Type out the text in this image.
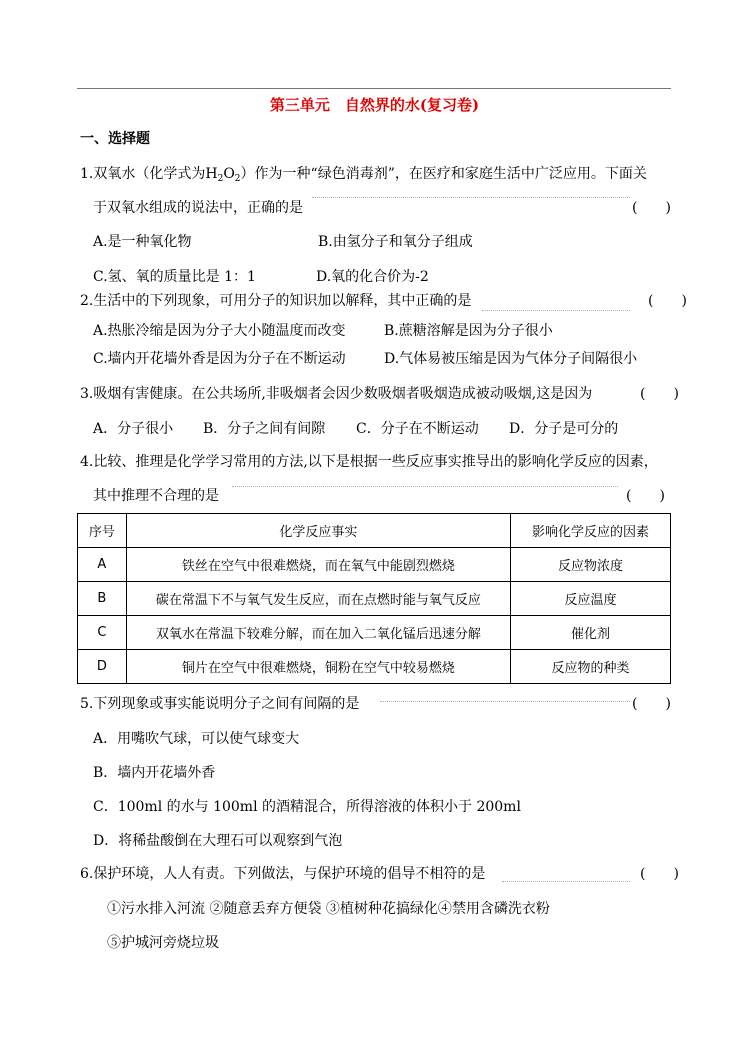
第三单元　自然界的水(复习卷)
一、选择题
1.双氧水（化学式为$H_2O_2$）作为一种“绿色消毒剂”，在医疗和家庭生活中广泛应用。下面关
于双氧水组成的说法中，正确的是	(　　)
A.是一种氧化物	B.由氢分子和氧分子组成
C.氢、氧的质量比是 1：1	D.氧的化合价为-2
2.生活中的下列现象，可用分子的知识加以解释，其中正确的是	(　　)
A.热胀冷缩是因为分子大小随温度而改变	B.蔗糖溶解是因为分子很小
C.墙内开花墙外香是因为分子在不断运动	D.气体易被压缩是因为气体分子间隔很小
3.吸烟有害健康。在公共场所,非吸烟者会因少数吸烟者吸烟造成被动吸烟,这是因为	(　　)
A．分子很小 B．分子之间有间隙 C．分子在不断运动 D．分子是可分的
4.比较、推理是化学学习常用的方法,以下是根据一些反应事实推导出的影响化学反应的因素，
其中推理不合理的是	(　　)
序号	化学反应事实	影响化学反应的因素
A	铁丝在空气中很难燃烧，而在氧气中能剧烈燃烧	反应物浓度
B	碳在常温下不与氧气发生反应，而在点燃时能与氧气反应	反应温度
C	双氧水在常温下较难分解，而在加入二氧化锰后迅速分解	催化剂
D	铜片在空气中很难燃烧，铜粉在空气中较易燃烧	反应物的种类
5.下列现象或事实能说明分子之间有间隔的是	(　　)
A．用嘴吹气球，可以使气球变大
B．墙内开花墙外香
C．100ml 的水与 100ml 的酒精混合，所得溶液的体积小于 200ml
D．将稀盐酸倒在大理石可以观察到气泡
6.保护环境，人人有责。下列做法，与保护环境的倡导不相符的是	(　　)
①污水排入河流 ②随意丢弃方便袋 ③植树种花搞绿化④禁用含磷洗衣粉
⑤护城河旁烧垃圾
